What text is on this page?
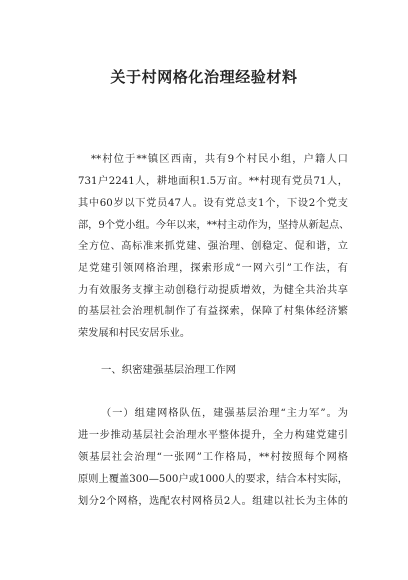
关于村网格化治理经验材料
**村位于**镇区西南，共有9个村民小组，户籍人口
731户2241人，耕地面积1.5万亩。**村现有党员71人，
其中60岁以下党员47人。设有党总支1个，下设2个党支
部，9个党小组。今年以来，**村主动作为，坚持从新起点、
全方位、高标准来抓党建、强治理、创稳定、促和谐，立
足党建引领网格治理，探索形成“一网六引”工作法，有
力有效服务支撑主动创稳行动提质增效，为健全共治共享
的基层社会治理机制作了有益探索，保障了村集体经济繁
荣发展和村民安居乐业。
一、织密建强基层治理工作网
（一）组建网格队伍，建强基层治理“主力军”。为
进一步推动基层社会治理水平整体提升，全力构建党建引
领基层社会治理“一张网”工作格局，**村按照每个网格
原则上覆盖300—500户或1000人的要求，结合本村实际，
划分2个网格，选配农村网格员2人。组建以社长为主体的
